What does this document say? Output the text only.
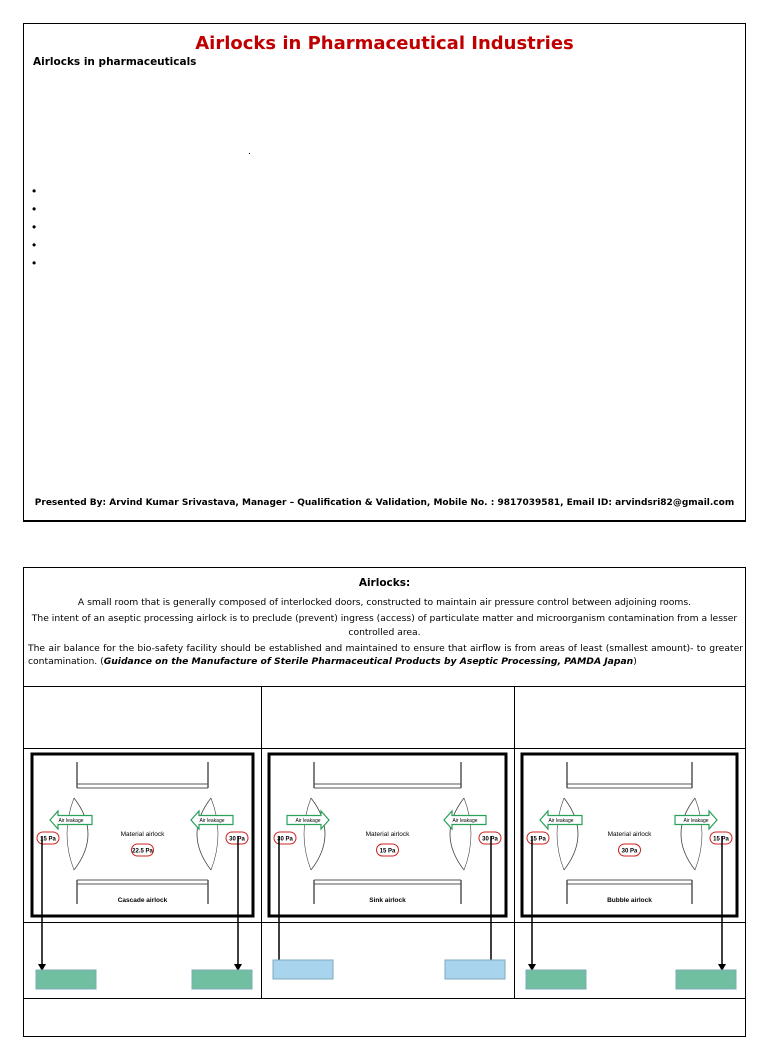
Airlocks in Pharmaceutical Industries
Airlocks in pharmaceuticals
.
•
•
•
•
•
Presented By: Arvind Kumar Srivastava, Manager – Qualification & Validation, Mobile No. : 9817039581, Email ID: arvindsri82@gmail.com
Airlocks:
A small room that is generally composed of interlocked doors, constructed to maintain air pressure control between adjoining rooms.
The intent of an aseptic processing airlock is to preclude (prevent) ingress (access) of particulate matter and microorganism contamination from a lesser
controlled area.
The air balance for the bio-safety facility should be established and maintained to ensure that airflow is from areas of least (smallest amount)- to greater contamination. (Guidance on the Manufacture of Sterile Pharmaceutical Products by Aseptic Processing, PAMDA Japan)
Air leakage	Air leakage
15 Pa	30 Pa
Material airlock
22.5 Pa
Cascade airlock
Air leakage	Air leakage
30 Pa	30 Pa
Material airlock
15 Pa
Sink airlock
Air leakage	Air leakage
15 Pa	15 Pa
Material airlock
30 Pa
Bubble airlock
